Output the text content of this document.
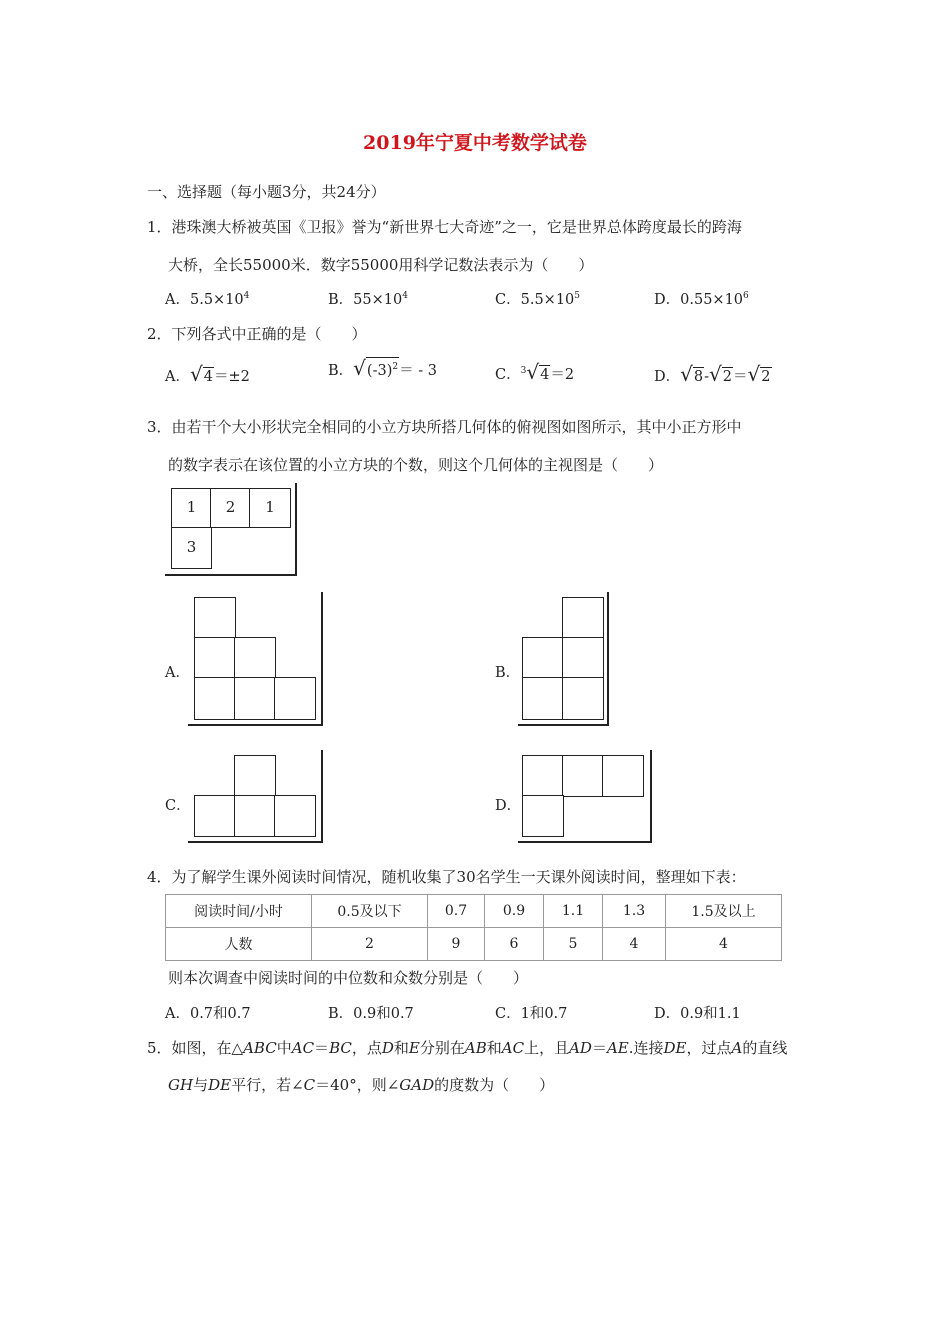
2019年宁夏中考数学试卷
一、选择题（每小题3分，共24分）
1．港珠澳大桥被英国《卫报》誉为“新世界七大奇迹”之一，它是世界总体跨度最长的跨海
大桥，全长55000米．数字55000用科学记数法表示为（　　）
A．$5.5\times 10^4$	B．$55\times 10^4$	C．$5.5\times 10^5$	D．$0.55\times 10^6$
2．下列各式中正确的是（　　）
A．√4＝±2	B．$√(-3)^2= - 3$	C．$^3$√4＝2	D．√8-√2＝√2
3．由若干个大小形状完全相同的小立方块所搭几何体的俯视图如图所示，其中小正方形中
的数字表示在该位置的小立方块的个数，则这个几何体的主视图是（　　）
1	2	1
3
A．	B．
C．	D．
4．为了解学生课外阅读时间情况，随机收集了30名学生一天课外阅读时间，整理如下表：
阅读时间/小时	0.5及以下	0.7	0.9	1.1	1.3	1.5及以上
人数	2	9	6	5	4	4
则本次调查中阅读时间的中位数和众数分别是（　　）
A．0.7和0.7	B．0.9和0.7	C．1和0.7	D．0.9和1.1
5．如图，在△ABC中AC＝BC，点D和E分别在AB和AC上，且AD＝AE.连接DE，过点A的直线
GH与DE平行，若∠C＝40°，则∠GAD的度数为（　　）
